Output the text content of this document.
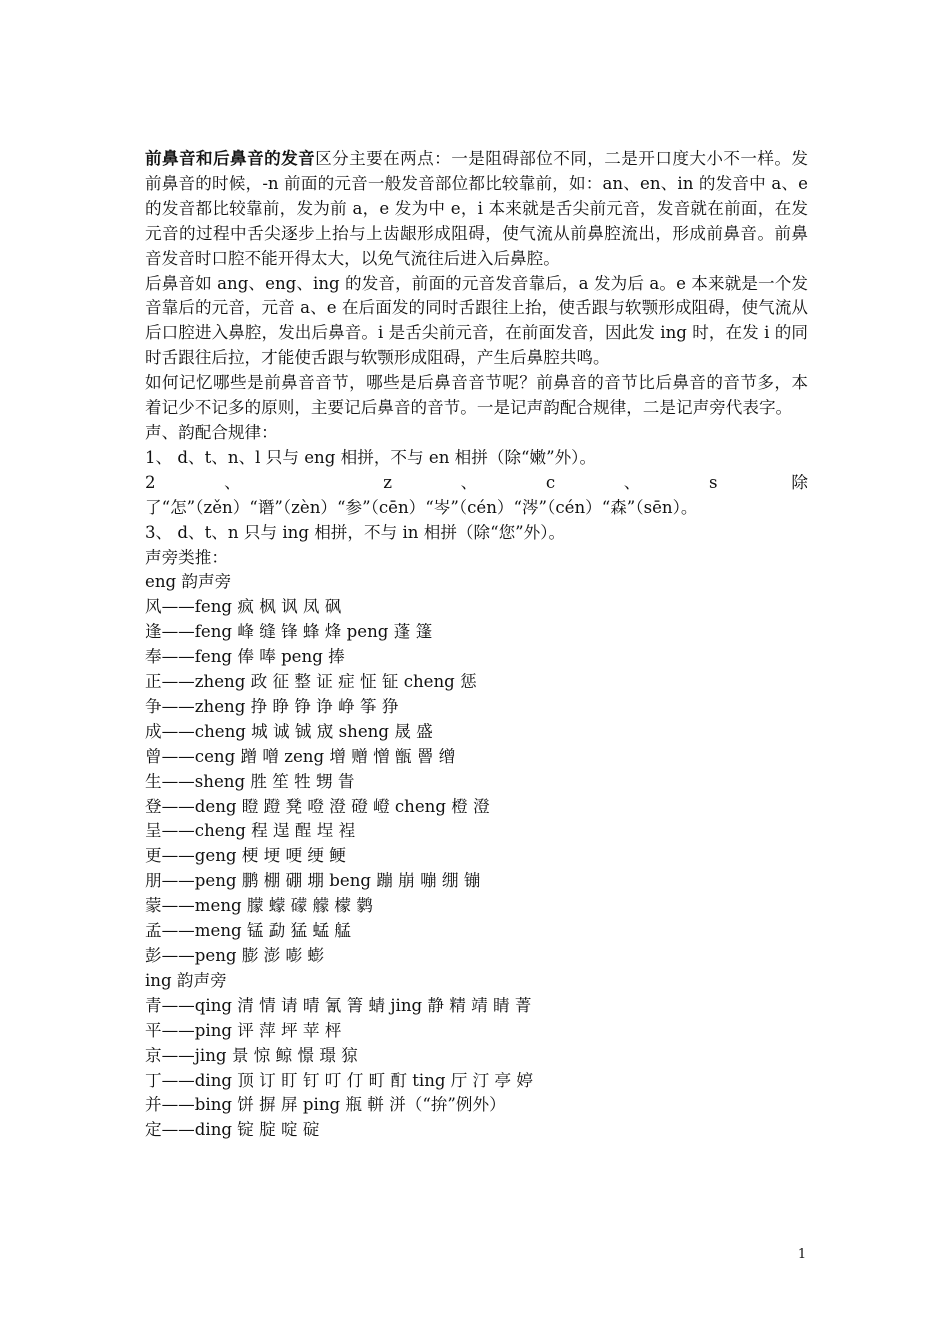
前鼻音和后鼻音的发音区分主要在两点：一是阻碍部位不同，二是开口度大小不一样。发前鼻音的时候，-n 前面的元音一般发音部位都比较靠前，如：an、en、in 的发音中 a、e 的发音都比较靠前，发为前 a，e 发为中 e，i 本来就是舌尖前元音，发音就在前面，在发元音的过程中舌尖逐步上抬与上齿龈形成阻碍，使气流从前鼻腔流出，形成前鼻音。前鼻音发音时口腔不能开得太大，以免气流往后进入后鼻腔。

后鼻音如 ang、eng、ing 的发音，前面的元音发音靠后，a 发为后 a。e 本来就是一个发音靠后的元音，元音 a、e 在后面发的同时舌跟往上抬，使舌跟与软颚形成阻碍，使气流从后口腔进入鼻腔，发出后鼻音。i 是舌尖前元音，在前面发音，因此发 ing 时，在发 i 的同时舌跟往后拉，才能使舌跟与软颚形成阻碍，产生后鼻腔共鸣。

如何记忆哪些是前鼻音音节，哪些是后鼻音音节呢？前鼻音的音节比后鼻音的音节多，本着记少不记多的原则，主要记后鼻音的音节。一是记声韵配合规律，二是记声旁代表字。

声、韵配合规律：

1、 d、t、n、l 只与 eng 相拼，不与 en 相拼（除“嫩”外）。

2、 z、c、s 除了“怎”（zěn）“谮”（zèn）“参”（cēn）“岑”（cén）“涔”（cén）“森”（sēn）。

3、 d、t、n 只与 ing 相拼，不与 in 相拼（除“您”外）。

声旁类推：

eng 韵声旁

风——feng 疯 枫 讽 凤 砜

逢——feng 峰 缝 锋 蜂 烽 peng 蓬 篷

奉——feng 俸 唪 peng 捧

正——zheng 政 征 整 证 症 怔 钲 cheng 惩

争——zheng 挣 睁 铮 诤 峥 筝 狰

成——cheng 城 诚 铖 宬 sheng 晟 盛

曾——ceng 蹭 噌 zeng 增 赠 憎 甑 罾 缯

生——sheng 胜 笙 牲 甥 眚

登——deng 瞪 蹬 凳 噔 澄 磴 嶝 cheng 橙 澄

呈——cheng 程 逞 酲 埕 裎

更——geng 梗 埂 哽 绠 鲠

朋——peng 鹏 棚 硼 堋 beng 蹦 崩 嘣 绷 镚

蒙——meng 朦 蠓 礞 艨 檬 鹲

孟——meng 锰 勐 猛 蜢 艋

彭——peng 膨 澎 嘭 蟛

ing 韵声旁

青——qing 清 情 请 晴 氰 箐 蜻 jing 静 精 靖 睛 菁

平——ping 评 萍 坪 苹 枰

京——jing 景 惊 鲸 憬 璟 猄

丁——ding 顶 订 盯 钉 叮 仃 町 酊 ting 厅 汀 亭 婷

并——bing 饼 摒 屏 ping 瓶 軿 洴（“拚”例外）

定——ding 锭 腚 啶 碇

1
